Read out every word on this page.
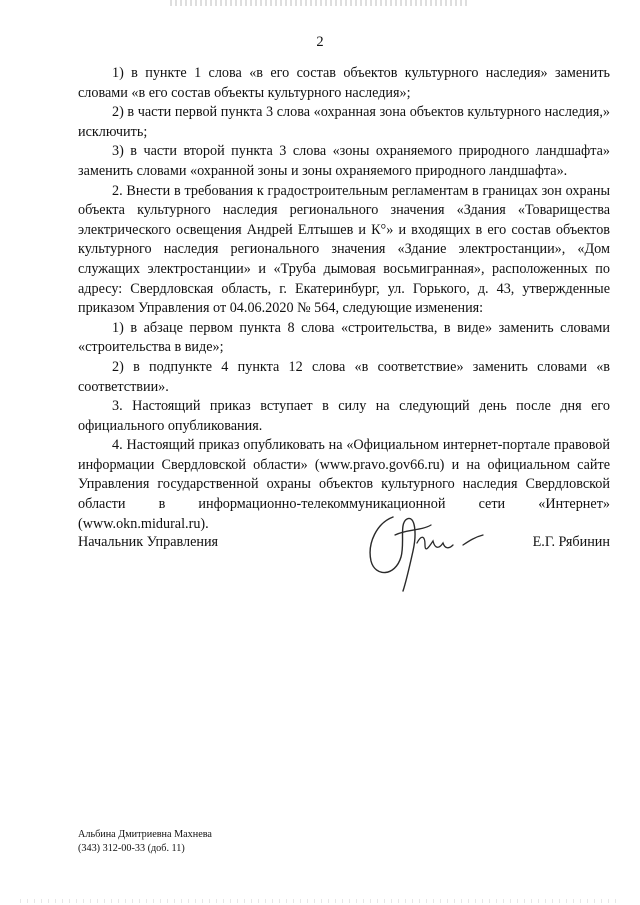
2

1) в пункте 1 слова «в его состав объектов культурного наследия» заменить словами «в его состав объекты культурного наследия»;

2) в части первой пункта 3 слова «охранная зона объектов культурного наследия,» исключить;

3) в части второй пункта 3 слова «зоны охраняемого природного ландшафта» заменить словами «охранной зоны и зоны охраняемого природного ландшафта».

2. Внести в требования к градостроительным регламентам в границах зон охраны объекта культурного наследия регионального значения «Здания «Товарищества электрического освещения Андрей Елтышев и К°» и входящих в его состав объектов культурного наследия регионального значения «Здание электростанции», «Дом служащих электростанции» и «Труба дымовая восьмигранная», расположенных по адресу: Свердловская область, г. Екатеринбург, ул. Горького, д. 43, утвержденные приказом Управления от 04.06.2020 № 564, следующие изменения:

1) в абзаце первом пункта 8 слова «строительства, в виде» заменить словами «строительства в виде»;

2) в подпункте 4 пункта 12 слова «в соответствие» заменить словами «в соответствии».

3. Настоящий приказ вступает в силу на следующий день после дня его официального опубликования.

4. Настоящий приказ опубликовать на «Официальном интернет-портале правовой информации Свердловской области» (www.pravo.gov66.ru) и на официальном сайте Управления государственной охраны объектов культурного наследия Свердловской области в информационно-телекоммуникационной сети «Интернет» (www.okn.midural.ru).

Начальник Управления	Е.Г. Рябинин
Альбина Дмитриевна Махнева
(343) 312-00-33 (доб. 11)
